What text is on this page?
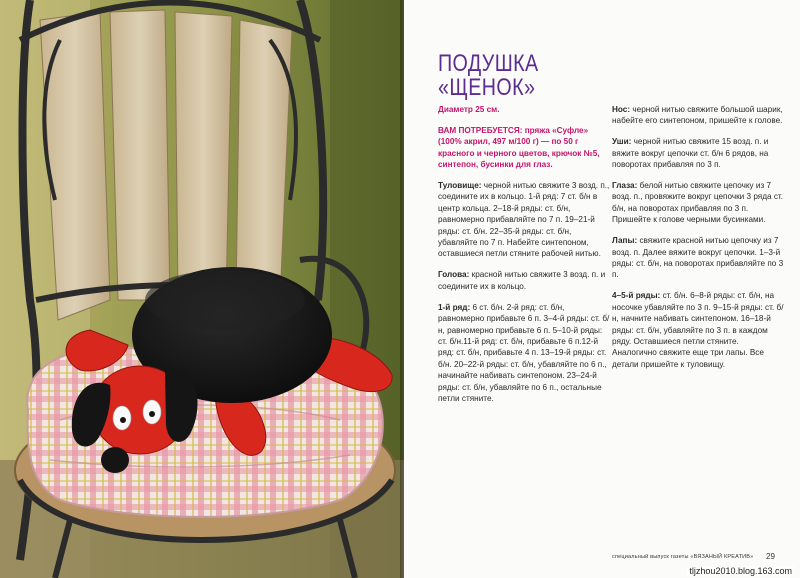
ПОДУШКА
«ЩЕНОК»

Диаметр 25 см.

ВАМ ПОТРЕБУЕТСЯ: пряжа «Суфле» (100% акрил, 497 м/100 г) — по 50 г красного и черного цветов, крючок №5, синтепон, бусинки для глаз.

Туловище: черной нитью свяжите 3 возд. п., соедините их в кольцо. 1-й ряд: 7 ст. б/н в центр кольца. 2–18-й ряды: ст. б/н, равномерно прибавляйте по 7 п. 19–21-й ряды: ст. б/н. 22–35-й ряды: ст. б/н, убавляйте по 7 п. Набейте синтепоном, оставшиеся петли стяните рабочей нитью.

Голова: красной нитью свяжите 3 возд. п. и соедините их в кольцо.

1-й ряд: 6 ст. б/н. 2-й ряд: ст. б/н, равномерно прибавьте 6 п. 3–4-й ряды: ст. б/н, равномерно прибавьте 6 п. 5–10-й ряды: ст. б/н.11-й ряд: ст. б/н, прибавьте 6 п.12-й ряд: ст. б/н, прибавьте 4 п. 13–19-й ряды: ст. б/н. 20–22-й ряды: ст. б/н, убавляйте по 6 п., начинайте набивать синтепоном. 23–24-й ряды: ст. б/н, убавляйте по 6 п., остальные петли стяните.

Нос: черной нитью свяжите большой шарик, набейте его синтепоном, пришейте к голове.

Уши: черной нитью свяжите 15 возд. п. и вяжите вокруг цепочки ст. б/н 6 рядов, на поворотах прибавляя по 3 п.

Глаза: белой нитью свяжите цепочку из 7 возд. п., провяжите вокруг цепочки 3 ряда ст. б/н, на поворотах прибавляя по 3 п. Пришейте к голове черными бусинками.

Лапы: свяжите красной нитью цепочку из 7 возд. п. Далее вяжите вокруг цепочки. 1–3-й ряды: ст. б/н, на поворотах прибавляйте по 3 п.

4–5-й ряды: ст. б/н. 6–8-й ряды: ст. б/н, на носочке убавляйте по 3 п. 9–15-й ряды: ст. б/н, начните набивать синтепоном. 16–18-й ряды: ст. б/н, убавляйте по 3 п. в каждом ряду. Оставшиеся петли стяните. Аналогично свяжите еще три лапы. Все детали пришейте к туловищу.

специальный выпуск газеты «ВЯЗАНЫЙ КРЕАТИВ» 29
tljzhou2010.blog.163.com
